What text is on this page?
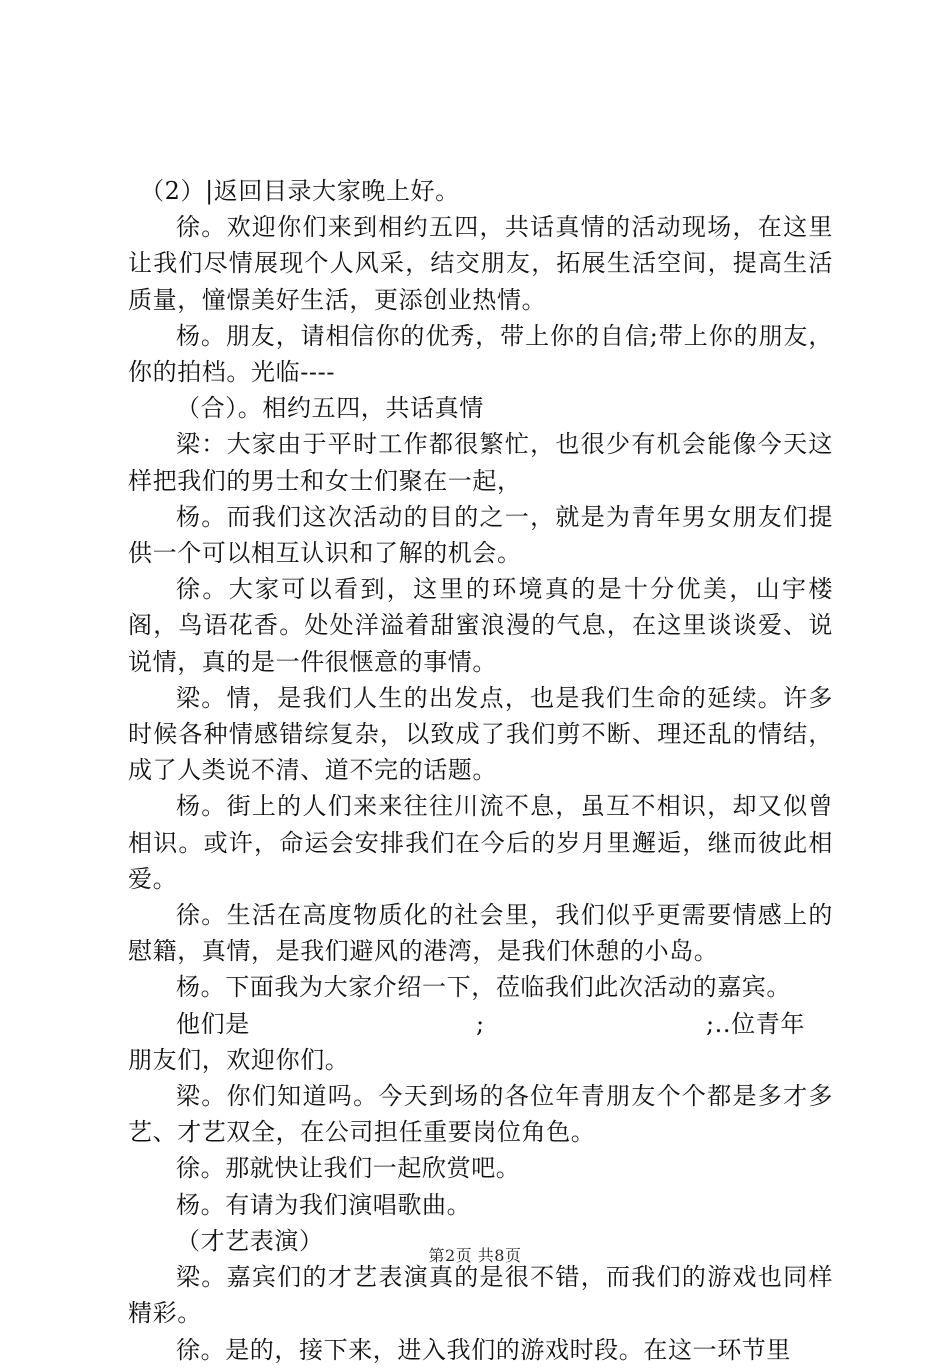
（2）|返回目录大家晚上好。

徐。欢迎你们来到相约五四，共话真情的活动现场，在这里让我们尽情展现个人风采，结交朋友，拓展生活空间，提高生活质量，憧憬美好生活，更添创业热情。

杨。朋友，请相信你的优秀，带上你的自信;带上你的朋友，你的拍档。光临----

（合）。相约五四，共话真情

梁：大家由于平时工作都很繁忙，也很少有机会能像今天这样把我们的男士和女士们聚在一起，

杨。而我们这次活动的目的之一，就是为青年男女朋友们提供一个可以相互认识和了解的机会。

徐。大家可以看到，这里的环境真的是十分优美，山宇楼阁，鸟语花香。处处洋溢着甜蜜浪漫的气息，在这里谈谈爱、说说情，真的是一件很惬意的事情。

梁。情，是我们人生的出发点，也是我们生命的延续。许多时候各种情感错综复杂，以致成了我们剪不断、理还乱的情结，成了人类说不清、道不完的话题。

杨。街上的人们来来往往川流不息，虽互不相识，却又似曾相识。或许，命运会安排我们在今后的岁月里邂逅，继而彼此相爱。

徐。生活在高度物质化的社会里，我们似乎更需要情感上的慰籍，真情，是我们避风的港湾，是我们休憩的小岛。

杨。下面我为大家介绍一下，莅临我们此次活动的嘉宾。

他们是	;	;..位青年

朋友们，欢迎你们。

梁。你们知道吗。今天到场的各位年青朋友个个都是多才多艺、才艺双全，在公司担任重要岗位角色。

徐。那就快让我们一起欣赏吧。

杨。有请为我们演唱歌曲。

（才艺表演）

梁。嘉宾们的才艺表演真的是很不错，而我们的游戏也同样精彩。

徐。是的，接下来，进入我们的游戏时段。在这一环节里

第2页 共8页
